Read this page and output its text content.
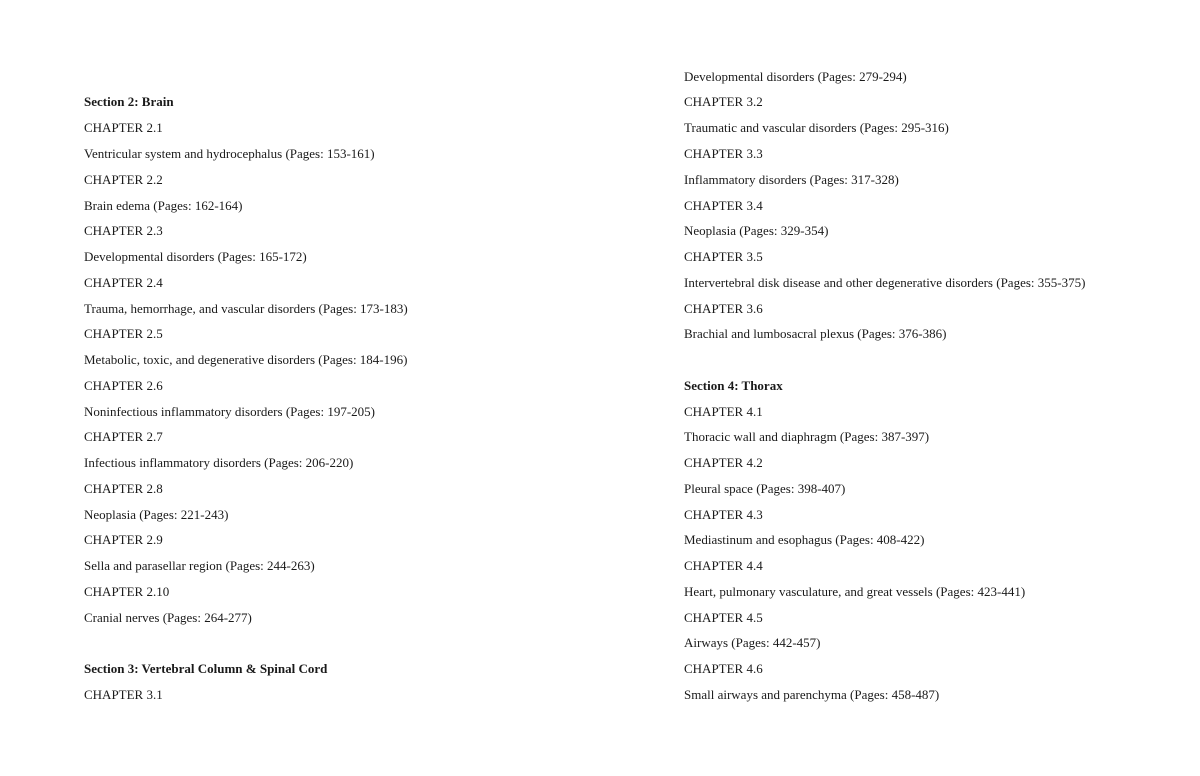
Section 2: Brain
CHAPTER 2.1
Ventricular system and hydrocephalus (Pages: 153-161)
CHAPTER 2.2
Brain edema (Pages: 162-164)
CHAPTER 2.3
Developmental disorders (Pages: 165-172)
CHAPTER 2.4
Trauma, hemorrhage, and vascular disorders (Pages: 173-183)
CHAPTER 2.5
Metabolic, toxic, and degenerative disorders (Pages: 184-196)
CHAPTER 2.6
Noninfectious inflammatory disorders (Pages: 197-205)
CHAPTER 2.7
Infectious inflammatory disorders (Pages: 206-220)
CHAPTER 2.8
Neoplasia (Pages: 221-243)
CHAPTER 2.9
Sella and parasellar region (Pages: 244-263)
CHAPTER 2.10
Cranial nerves (Pages: 264-277)
Section 3: Vertebral Column & Spinal Cord
CHAPTER 3.1
Developmental disorders (Pages: 279-294)
CHAPTER 3.2
Traumatic and vascular disorders (Pages: 295-316)
CHAPTER 3.3
Inflammatory disorders (Pages: 317-328)
CHAPTER 3.4
Neoplasia (Pages: 329-354)
CHAPTER 3.5
Intervertebral disk disease and other degenerative disorders (Pages: 355-375)
CHAPTER 3.6
Brachial and lumbosacral plexus (Pages: 376-386)
Section 4: Thorax
CHAPTER 4.1
Thoracic wall and diaphragm (Pages: 387-397)
CHAPTER 4.2
Pleural space (Pages: 398-407)
CHAPTER 4.3
Mediastinum and esophagus (Pages: 408-422)
CHAPTER 4.4
Heart, pulmonary vasculature, and great vessels (Pages: 423-441)
CHAPTER 4.5
Airways (Pages: 442-457)
CHAPTER 4.6
Small airways and parenchyma (Pages: 458-487)
